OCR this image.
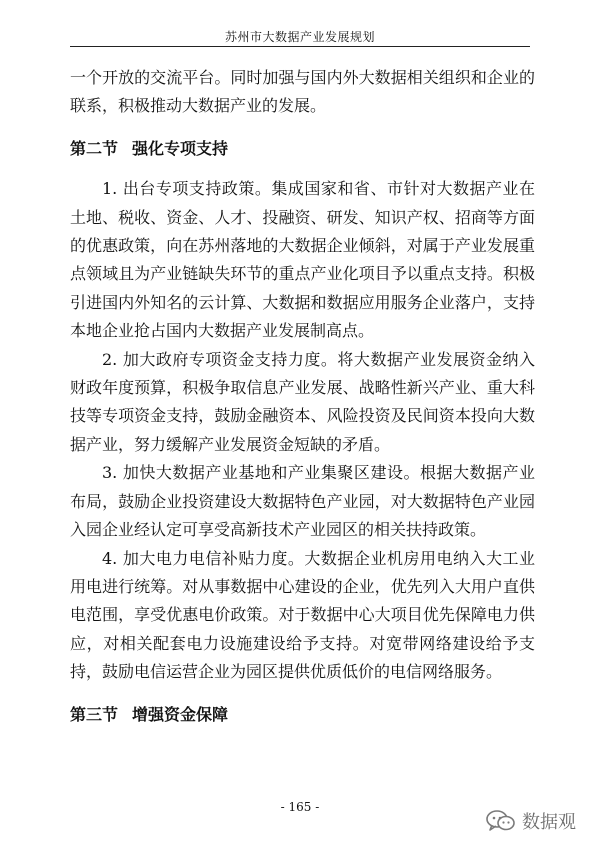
苏州市大数据产业发展规划

一个开放的交流平台。同时加强与国内外大数据相关组织和企业的联系，积极推动大数据产业的发展。

第二节 强化专项支持

1. 出台专项支持政策。集成国家和省、市针对大数据产业在土地、税收、资金、人才、投融资、研发、知识产权、招商等方面的优惠政策，向在苏州落地的大数据企业倾斜，对属于产业发展重点领域且为产业链缺失环节的重点产业化项目予以重点支持。积极引进国内外知名的云计算、大数据和数据应用服务企业落户，支持本地企业抢占国内大数据产业发展制高点。

2. 加大政府专项资金支持力度。将大数据产业发展资金纳入财政年度预算，积极争取信息产业发展、战略性新兴产业、重大科技等专项资金支持，鼓励金融资本、风险投资及民间资本投向大数据产业，努力缓解产业发展资金短缺的矛盾。

3. 加快大数据产业基地和产业集聚区建设。根据大数据产业布局，鼓励企业投资建设大数据特色产业园，对大数据特色产业园入园企业经认定可享受高新技术产业园区的相关扶持政策。

4. 加大电力电信补贴力度。大数据企业机房用电纳入大工业用电进行统筹。对从事数据中心建设的企业，优先列入大用户直供电范围，享受优惠电价政策。对于数据中心大项目优先保障电力供应，对相关配套电力设施建设给予支持。对宽带网络建设给予支持，鼓励电信运营企业为园区提供优质低价的电信网络服务。

第三节 增强资金保障
- 165 -
数据观
